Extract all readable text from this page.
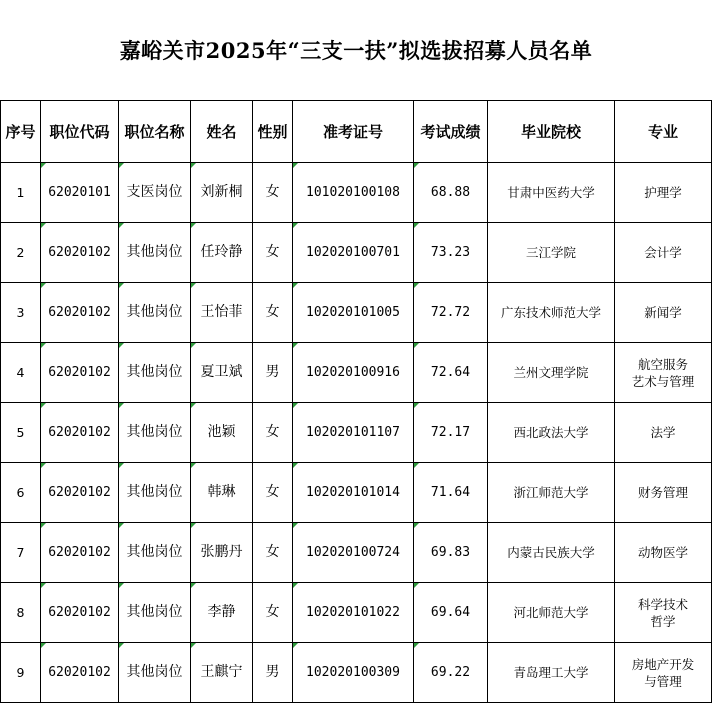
嘉峪关市2025年“三支一扶”拟选拔招募人员名单
序号	职位代码	职位名称	姓名	性别	准考证号	考试成绩	毕业院校	专业
1	62020101	支医岗位	刘新桐	女	101020100108	68.88	甘肃中医药大学	护理学
2	62020102	其他岗位	任玲静	女	102020100701	73.23	三江学院	会计学
3	62020102	其他岗位	王怡菲	女	102020101005	72.72	广东技术师范大学	新闻学
4	62020102	其他岗位	夏卫斌	男	102020100916	72.64	兰州文理学院	航空服务
艺术与管理
5	62020102	其他岗位	池颖	女	102020101107	72.17	西北政法大学	法学
6	62020102	其他岗位	韩琳	女	102020101014	71.64	浙江师范大学	财务管理
7	62020102	其他岗位	张鹏丹	女	102020100724	69.83	内蒙古民族大学	动物医学
8	62020102	其他岗位	李静	女	102020101022	69.64	河北师范大学	科学技术
哲学
9	62020102	其他岗位	王麒宁	男	102020100309	69.22	青岛理工大学	房地产开发
与管理
